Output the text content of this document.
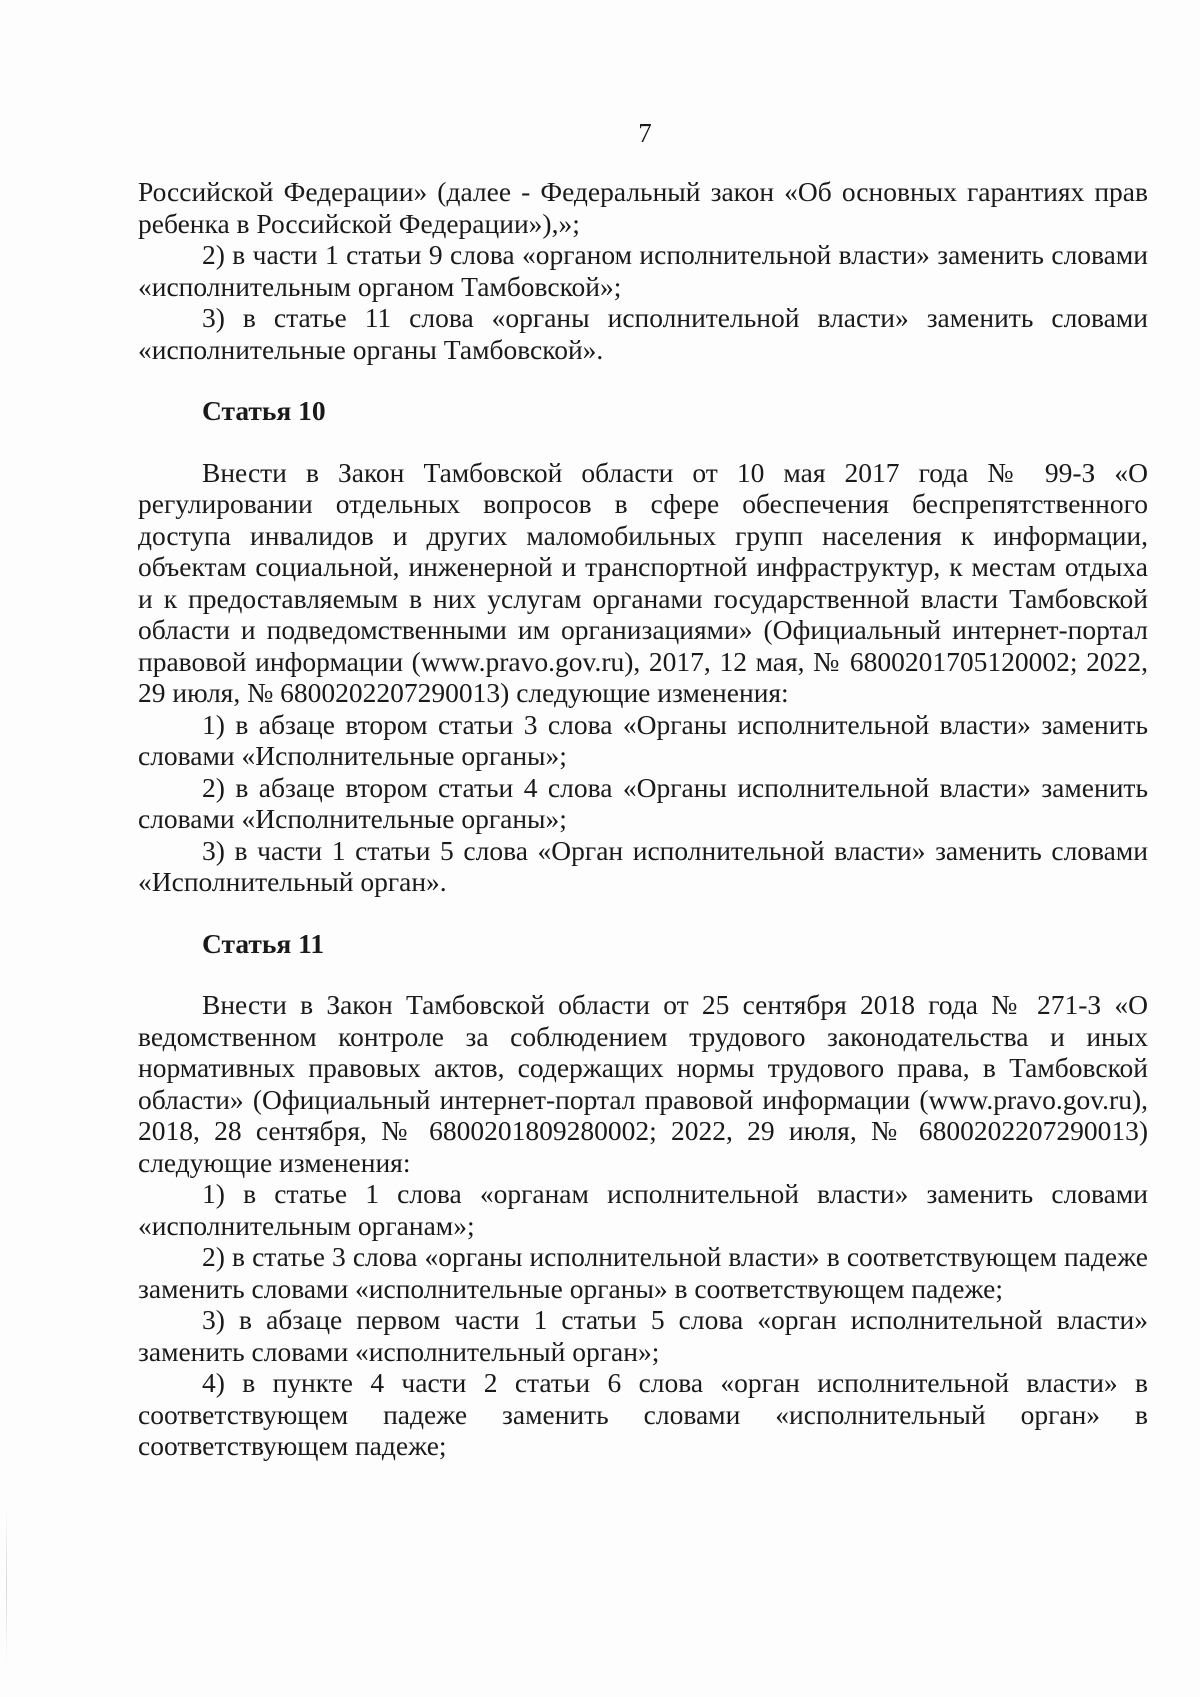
7

Российской Федерации» (далее - Федеральный закон «Об основных гарантиях прав ребенка в Российской Федерации»),»;

2) в части 1 статьи 9 слова «органом исполнительной власти» заменить словами «исполнительным органом Тамбовской»;

3) в статье 11 слова «органы исполнительной власти» заменить словами «исполнительные органы Тамбовской».

Статья 10

Внести в Закон Тамбовской области от 10 мая 2017 года № 99-З «О регулировании отдельных вопросов в сфере обеспечения беспрепятственного доступа инвалидов и других маломобильных групп населения к информации, объектам социальной, инженерной и транспортной инфраструктур, к местам отдыха и к предоставляемым в них услугам органами государственной власти Тамбовской области и подведомственными им организациями» (Официальный интернет-портал правовой информации (www.pravo.gov.ru), 2017, 12 мая, № 6800201705120002; 2022, 29 июля, № 6800202207290013) следующие изменения:

1) в абзаце втором статьи 3 слова «Органы исполнительной власти» заменить словами «Исполнительные органы»;

2) в абзаце втором статьи 4 слова «Органы исполнительной власти» заменить словами «Исполнительные органы»;

3) в части 1 статьи 5 слова «Орган исполнительной власти» заменить словами «Исполнительный орган».

Статья 11

Внести в Закон Тамбовской области от 25 сентября 2018 года № 271-З «О ведомственном контроле за соблюдением трудового законодательства и иных нормативных правовых актов, содержащих нормы трудового права, в Тамбовской области» (Официальный интернет-портал правовой информации (www.pravo.gov.ru), 2018, 28 сентября, № 6800201809280002; 2022, 29 июля, № 6800202207290013) следующие изменения:

1) в статье 1 слова «органам исполнительной власти» заменить словами «исполнительным органам»;

2) в статье 3 слова «органы исполнительной власти» в соответствующем падеже заменить словами «исполнительные органы» в соответствующем падеже;

3) в абзаце первом части 1 статьи 5 слова «орган исполнительной власти» заменить словами «исполнительный орган»;

4) в пункте 4 части 2 статьи 6 слова «орган исполнительной власти» в соответствующем падеже заменить словами «исполнительный орган» в соответствующем падеже;
